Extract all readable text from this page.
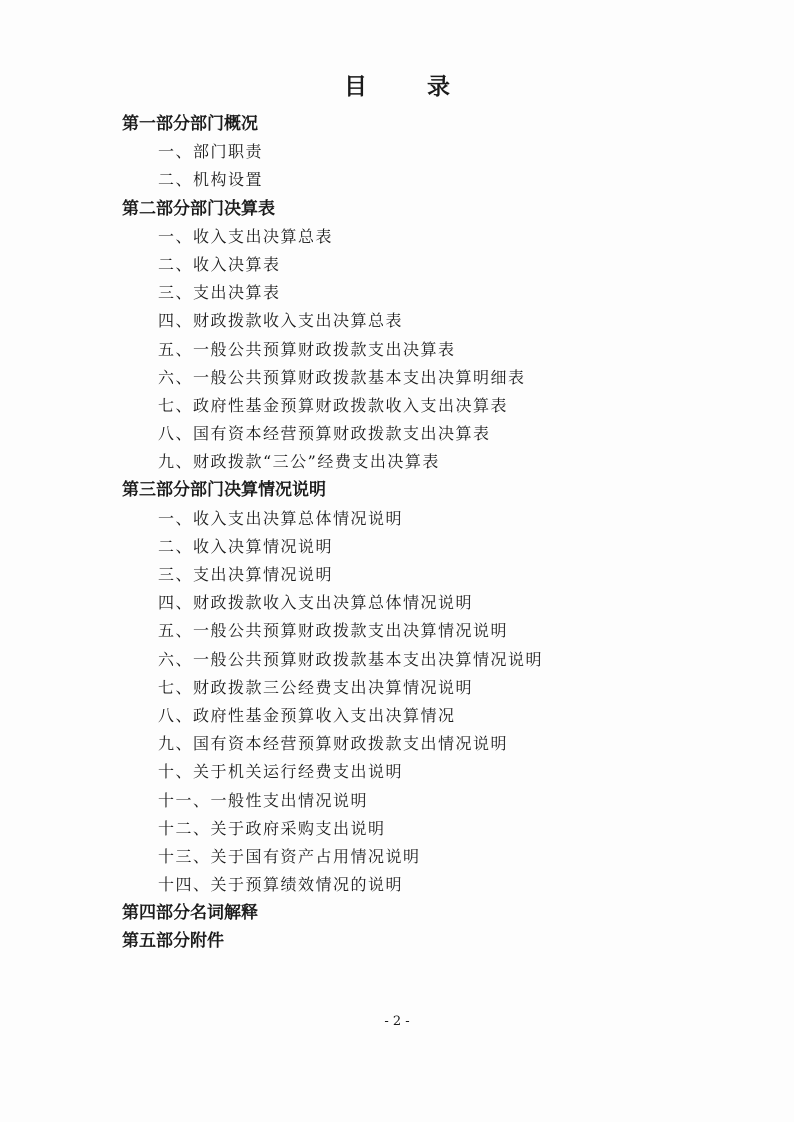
目 录
第一部分部门概况
一、部门职责
二、机构设置
第二部分部门决算表
一、收入支出决算总表
二、收入决算表
三、支出决算表
四、财政拨款收入支出决算总表
五、一般公共预算财政拨款支出决算表
六、一般公共预算财政拨款基本支出决算明细表
七、政府性基金预算财政拨款收入支出决算表
八、国有资本经营预算财政拨款支出决算表
九、财政拨款“三公”经费支出决算表
第三部分部门决算情况说明
一、收入支出决算总体情况说明
二、收入决算情况说明
三、支出决算情况说明
四、财政拨款收入支出决算总体情况说明
五、一般公共预算财政拨款支出决算情况说明
六、一般公共预算财政拨款基本支出决算情况说明
七、财政拨款三公经费支出决算情况说明
八、政府性基金预算收入支出决算情况
九、国有资本经营预算财政拨款支出情况说明
十、关于机关运行经费支出说明
十一、一般性支出情况说明
十二、关于政府采购支出说明
十三、关于国有资产占用情况说明
十四、关于预算绩效情况的说明
第四部分名词解释
第五部分附件
- 2 -
